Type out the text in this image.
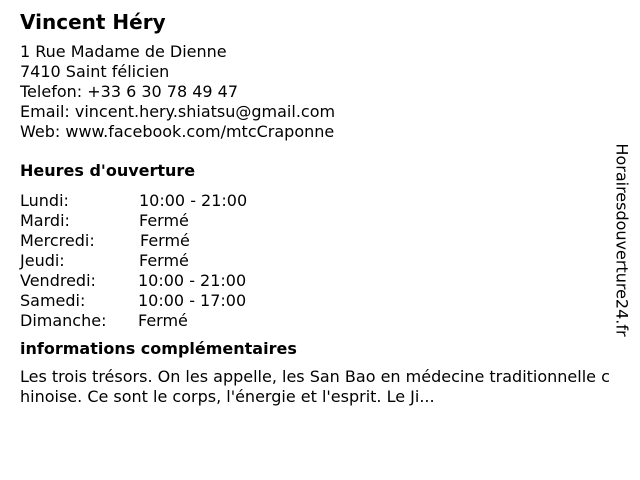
Vincent Héry
1 Rue Madame de Dienne
7410 Saint félicien
Telefon: +33 6 30 78 49 47
Email: vincent.hery.shiatsu@gmail.com
Web: www.facebook.com/mtcCraponne
Heures d'ouverture
Lundi:	10:00 - 21:00
Mardi:	Fermé
Mercredi:	Fermé
Jeudi:	Fermé
Vendredi:	10:00 - 21:00
Samedi:	10:00 - 17:00
Dimanche: Fermé
informations complémentaires
Les trois trésors. On les appelle, les San Bao en médecine traditionnelle chinoise. Ce sont le corps, l'énergie et l'esprit. Le Ji...
Horairesdouverture24.fr
